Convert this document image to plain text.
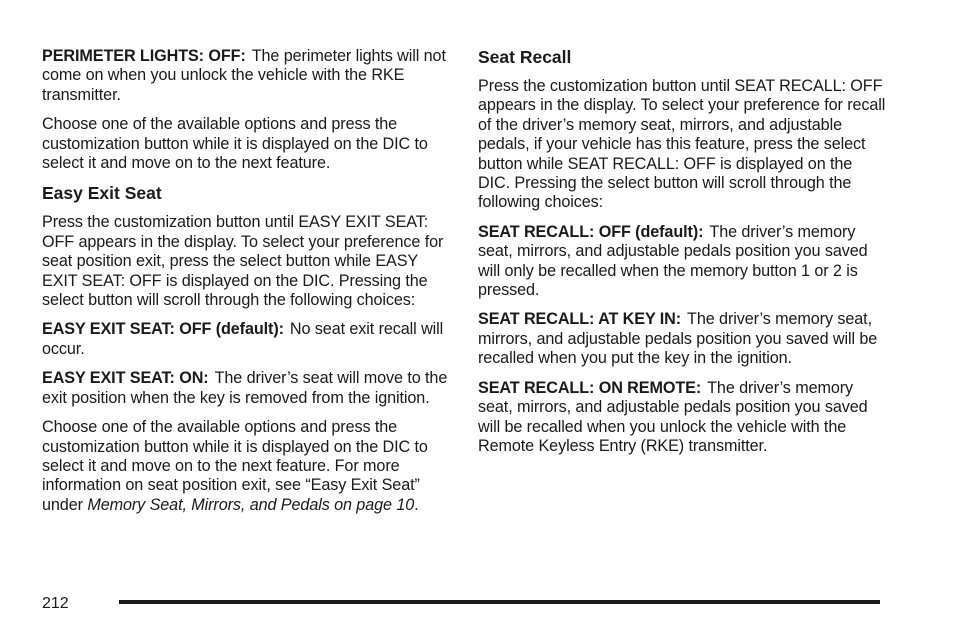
PERIMETER LIGHTS: OFF: The perimeter lights will not come on when you unlock the vehicle with the RKE transmitter.

Choose one of the available options and press the customization button while it is displayed on the DIC to select it and move on to the next feature.

Easy Exit Seat

Press the customization button until EASY EXIT SEAT: OFF appears in the display. To select your preference for seat position exit, press the select button while EASY EXIT SEAT: OFF is displayed on the DIC. Pressing the select button will scroll through the following choices:

EASY EXIT SEAT: OFF (default): No seat exit recall will occur.

EASY EXIT SEAT: ON: The driver’s seat will move to the exit position when the key is removed from the ignition.

Choose one of the available options and press the customization button while it is displayed on the DIC to select it and move on to the next feature. For more information on seat position exit, see “Easy Exit Seat” under Memory Seat, Mirrors, and Pedals on page 10.

Seat Recall

Press the customization button until SEAT RECALL: OFF appears in the display. To select your preference for recall of the driver’s memory seat, mirrors, and adjustable pedals, if your vehicle has this feature, press the select button while SEAT RECALL: OFF is displayed on the DIC. Pressing the select button will scroll through the following choices:

SEAT RECALL: OFF (default): The driver’s memory seat, mirrors, and adjustable pedals position you saved will only be recalled when the memory button 1 or 2 is pressed.

SEAT RECALL: AT KEY IN: The driver’s memory seat, mirrors, and adjustable pedals position you saved will be recalled when you put the key in the ignition.

SEAT RECALL: ON REMOTE: The driver’s memory seat, mirrors, and adjustable pedals position you saved will be recalled when you unlock the vehicle with the Remote Keyless Entry (RKE) transmitter.

212
